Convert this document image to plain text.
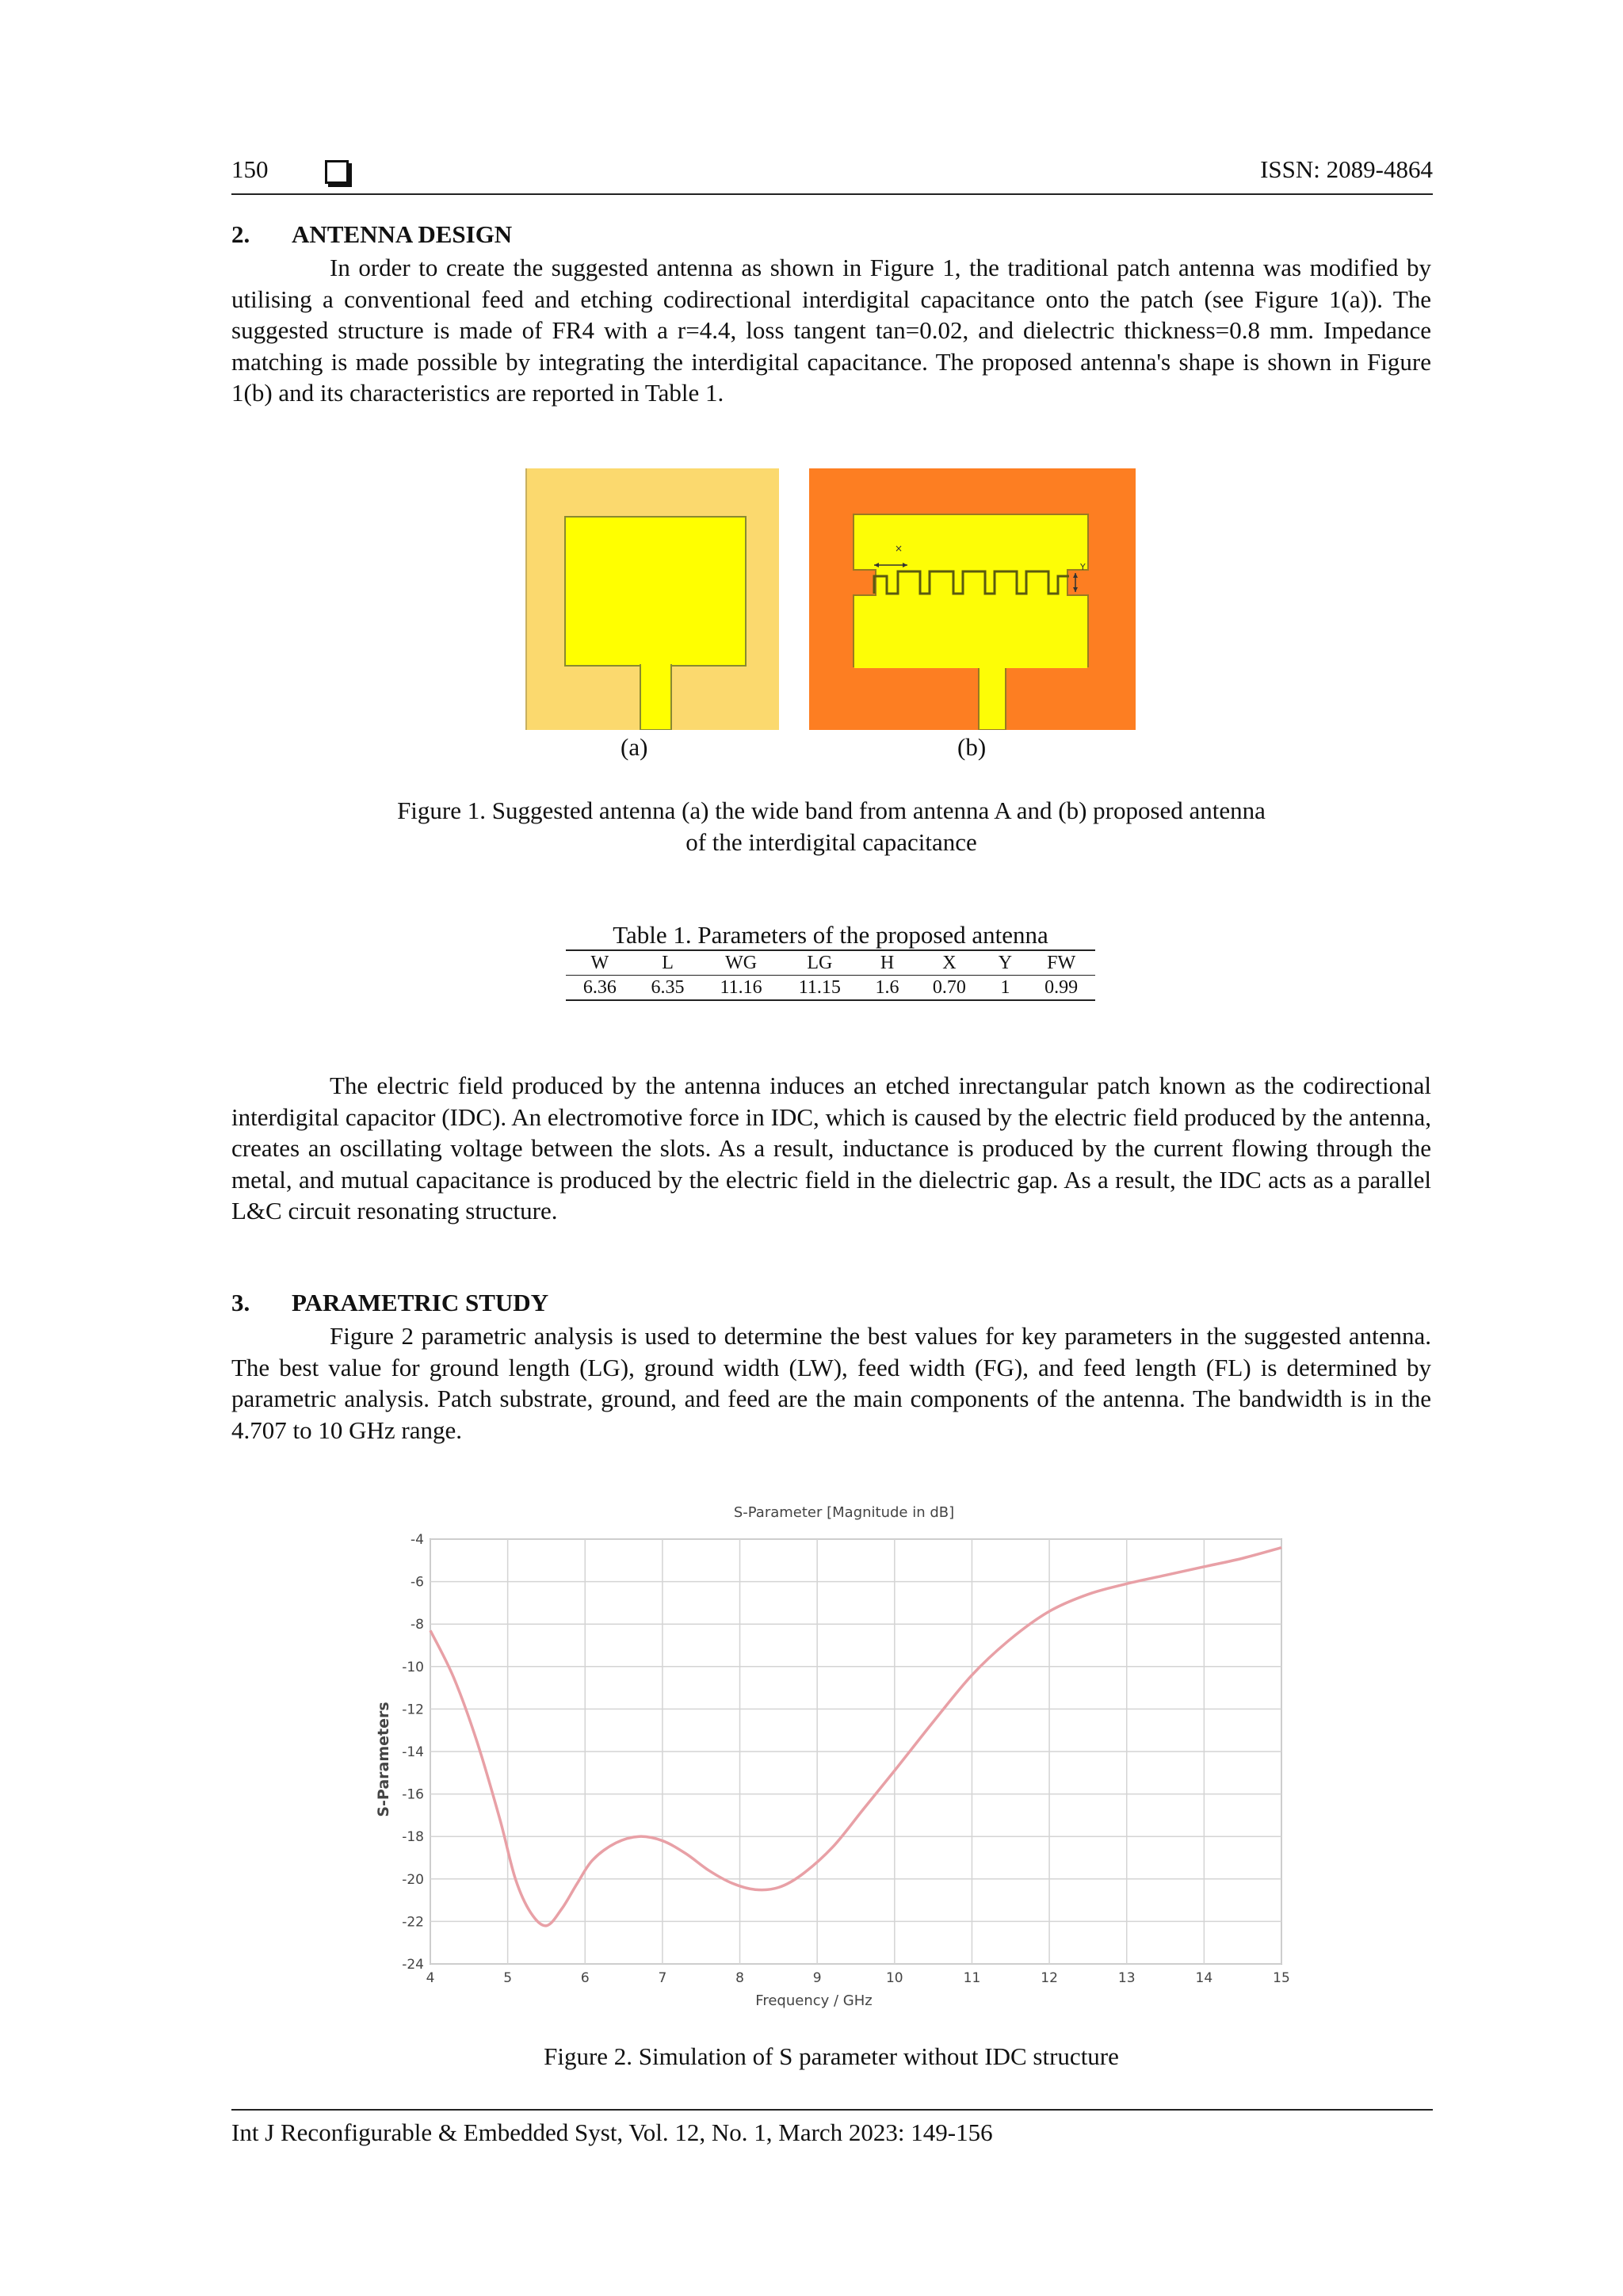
150	ISSN: 2089-4864
2. ANTENNA DESIGN

In order to create the suggested antenna as shown in Figure 1, the traditional patch antenna was modified by utilising a conventional feed and etching codirectional interdigital capacitance onto the patch (see Figure 1(a)). The suggested structure is made of FR4 with a r=4.4, loss tangent tan=0.02, and dielectric thickness=0.8 mm. Impedance matching is made possible by integrating the interdigital capacitance. The proposed antenna's shape is shown in Figure 1(b) and its characteristics are reported in Table 1.

×
Y
(a)	(b)
Figure 1. Suggested antenna (a) the wide band from antenna A and (b) proposed antenna
of the interdigital capacitance
Table 1. Parameters of the proposed antenna
W	L	WG	LG	H	X	Y	FW
6.36	6.35	11.16	11.15	1.6	0.70	1	0.99

The electric field produced by the antenna induces an etched inrectangular patch known as the codirectional interdigital capacitor (IDC). An electromotive force in IDC, which is caused by the electric field produced by the antenna, creates an oscillating voltage between the slots. As a result, inductance is produced by the current flowing through the metal, and mutual capacitance is produced by the electric field in the dielectric gap. As a result, the IDC acts as a parallel L&C circuit resonating structure.

3. PARAMETRIC STUDY

Figure 2 parametric analysis is used to determine the best values for key parameters in the suggested antenna. The best value for ground length (LG), ground width (LW), feed width (FG), and feed length (FL) is determined by parametric analysis. Patch substrate, ground, and feed are the main components of the antenna. The bandwidth is in the 4.707 to 10 GHz range.

S-Parameter [Magnitude in dB]
Frequency / GHz
S-Parameters
4	5	6	7	8	9	10	11	12	13	14	15
-4
-6
-8
-10
-12
-14
-16
-18
-20
-22
-24
Figure 2. Simulation of S parameter without IDC structure
Int J Reconfigurable & Embedded Syst, Vol. 12, No. 1, March 2023: 149-156
